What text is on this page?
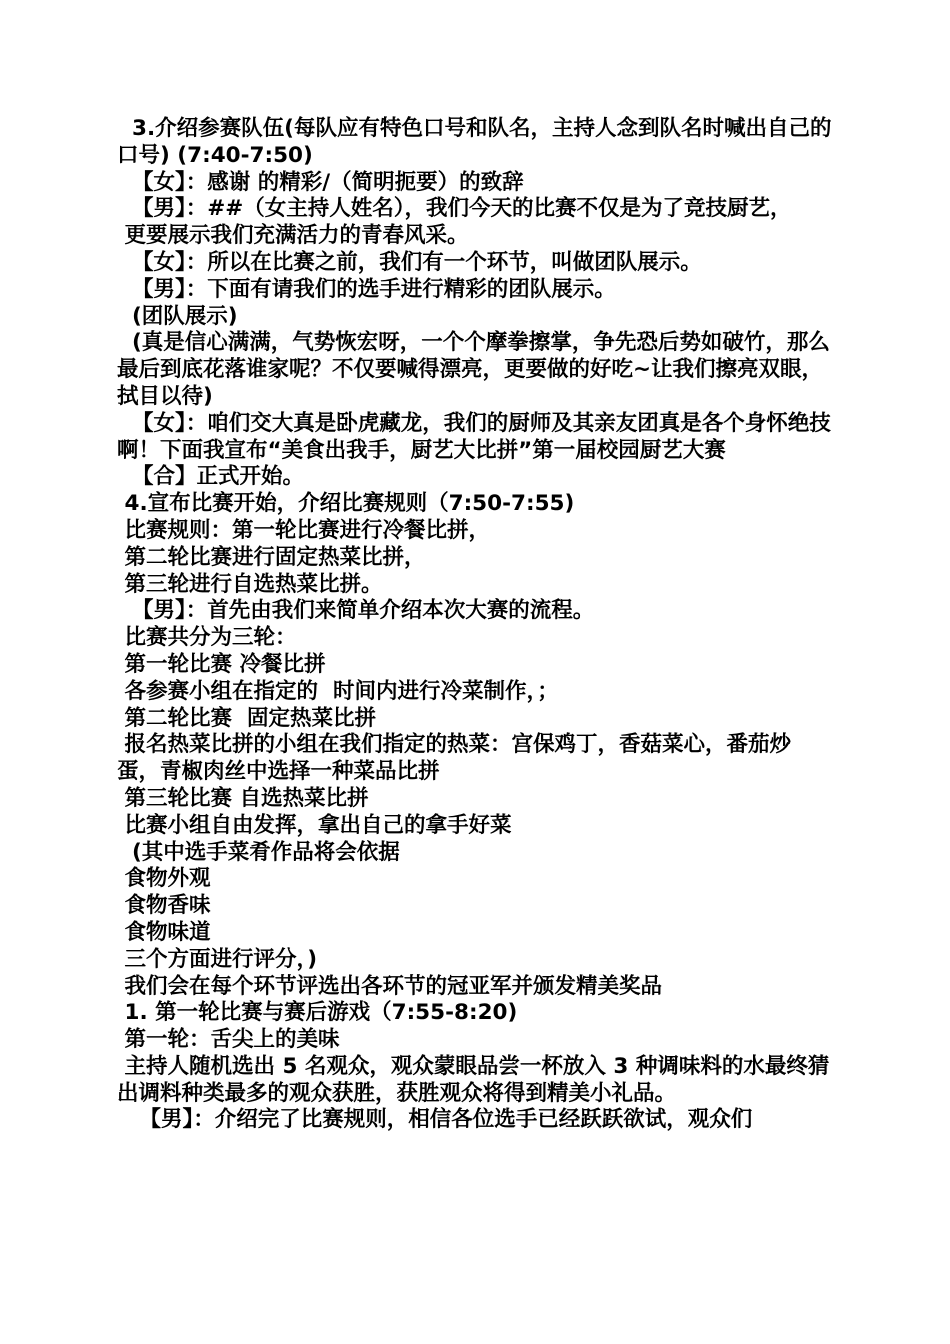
3.介绍参赛队伍(每队应有特色口号和队名，主持人念到队名时喊出自己的口号) (7:40-7:50)

【女】：感谢 的精彩/（简明扼要）的致辞

【男】：##（女主持人姓名），我们今天的比赛不仅是为了竞技厨艺，

更要展示我们充满活力的青春风采。

【女】：所以在比赛之前，我们有一个环节，叫做团队展示。

【男】：下面有请我们的选手进行精彩的团队展示。

(团队展示)

(真是信心满满，气势恢宏呀，一个个摩拳擦掌，争先恐后势如破竹，那么最后到底花落谁家呢？不仅要喊得漂亮，更要做的好吃~让我们擦亮双眼，拭目以待)

【女】：咱们交大真是卧虎藏龙，我们的厨师及其亲友团真是各个身怀绝技啊！下面我宣布“美食出我手，厨艺大比拼”第一届校园厨艺大赛

【合】正式开始。

4.宣布比赛开始，介绍比赛规则（7:50-7:55)

比赛规则：第一轮比赛进行冷餐比拼，

第二轮比赛进行固定热菜比拼，

第三轮进行自选热菜比拼。

【男】：首先由我们来简单介绍本次大赛的流程。

比赛共分为三轮：

第一轮比赛 冷餐比拼

各参赛小组在指定的  时间内进行冷菜制作，；

第二轮比赛  固定热菜比拼

报名热菜比拼的小组在我们指定的热菜：宫保鸡丁，香菇菜心，番茄炒蛋，青椒肉丝中选择一种菜品比拼

第三轮比赛 自选热菜比拼

比赛小组自由发挥，拿出自己的拿手好菜

(其中选手菜肴作品将会依据

食物外观

食物香味

食物味道

三个方面进行评分，)

我们会在每个环节评选出各环节的冠亚军并颁发精美奖品

1. 第一轮比赛与赛后游戏（7:55-8:20)

第一轮：舌尖上的美味

主持人随机选出 5 名观众，观众蒙眼品尝一杯放入 3 种调味料的水最终猜出调料种类最多的观众获胜，获胜观众将得到精美小礼品。

【男】：介绍完了比赛规则，相信各位选手已经跃跃欲试，观众们
